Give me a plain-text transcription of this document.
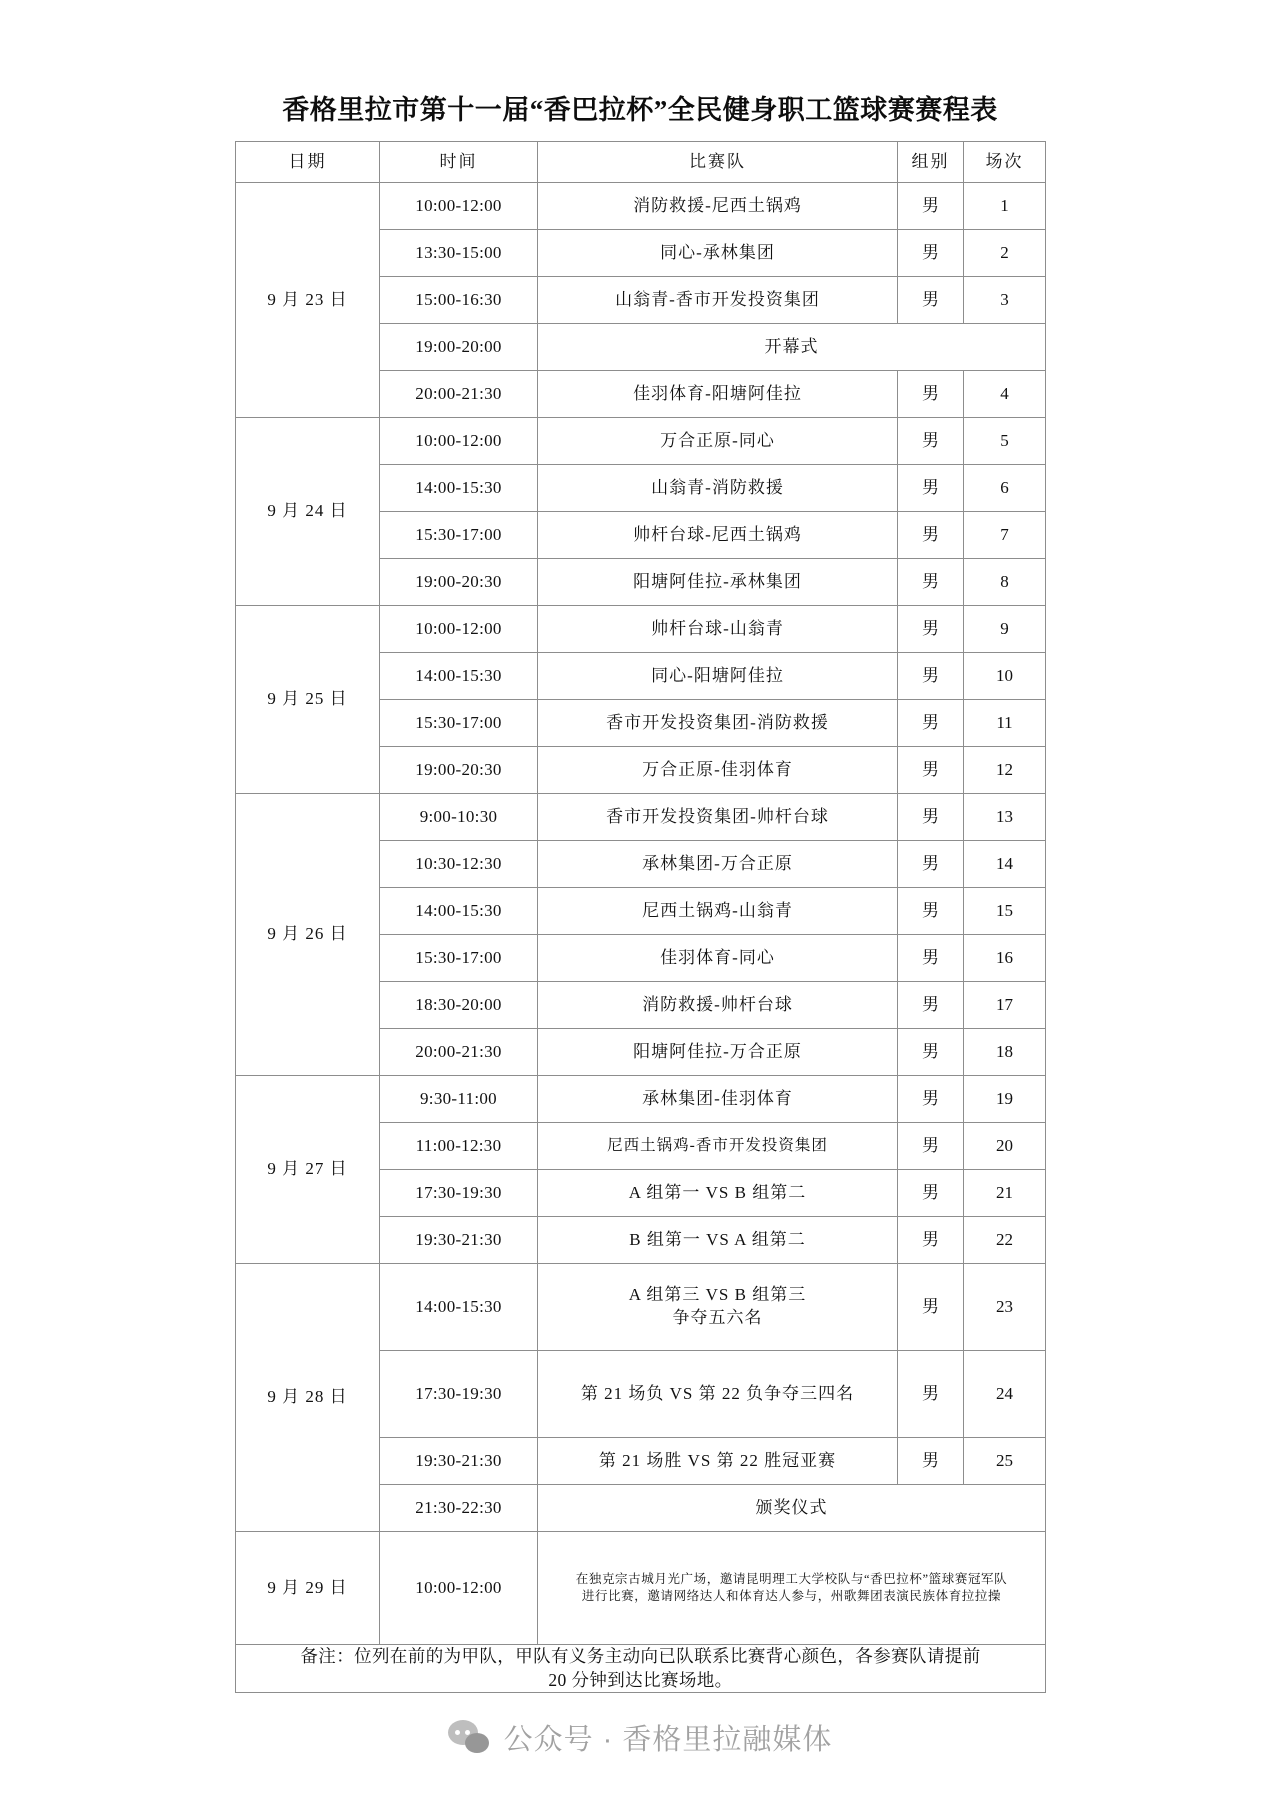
香格里拉市第十一届“香巴拉杯”全民健身职工篮球赛赛程表
日期	时间	比赛队	组别	场次
9 月 23 日	10:00-12:00	消防救援-尼西土锅鸡	男	1
	13:30-15:00	同心-承林集团	男	2
	15:00-16:30	山翁青-香市开发投资集团	男	3
	19:00-20:00	开幕式		
	20:00-21:30	佳羽体育-阳塘阿佳拉	男	4
9 月 24 日	10:00-12:00	万合正原-同心	男	5
	14:00-15:30	山翁青-消防救援	男	6
	15:30-17:00	帅杆台球-尼西土锅鸡	男	7
	19:00-20:30	阳塘阿佳拉-承林集团	男	8
9 月 25 日	10:00-12:00	帅杆台球-山翁青	男	9
	14:00-15:30	同心-阳塘阿佳拉	男	10
	15:30-17:00	香市开发投资集团-消防救援	男	11
	19:00-20:30	万合正原-佳羽体育	男	12
9 月 26 日	9:00-10:30	香市开发投资集团-帅杆台球	男	13
	10:30-12:30	承林集团-万合正原	男	14
	14:00-15:30	尼西土锅鸡-山翁青	男	15
	15:30-17:00	佳羽体育-同心	男	16
	18:30-20:00	消防救援-帅杆台球	男	17
	20:00-21:30	阳塘阿佳拉-万合正原	男	18
9 月 27 日	9:30-11:00	承林集团-佳羽体育	男	19
	11:00-12:30	尼西土锅鸡-香市开发投资集团	男	20
	17:30-19:30	A 组第一 VS B 组第二	男	21
	19:30-21:30	B 组第一 VS A 组第二	男	22
9 月 28 日	14:00-15:30	A 组第三 VS B 组第三
争夺五六名	男	23
	17:30-19:30	第 21 场负 VS 第 22 负争夺三四名	男	24
	19:30-21:30	第 21 场胜 VS 第 22 胜冠亚赛	男	25
	21:30-22:30	颁奖仪式		
9 月 29 日	10:00-12:00	在独克宗古城月光广场，邀请昆明理工大学校队与“香巴拉杯”篮球赛冠军队
进行比赛，邀请网络达人和体育达人参与，州歌舞团表演民族体育拉拉操		

备注：位列在前的为甲队，甲队有义务主动向已队联系比赛背心颜色，各参赛队请提前
20 分钟到达比赛场地。				
公众号 · 香格里拉融媒体
